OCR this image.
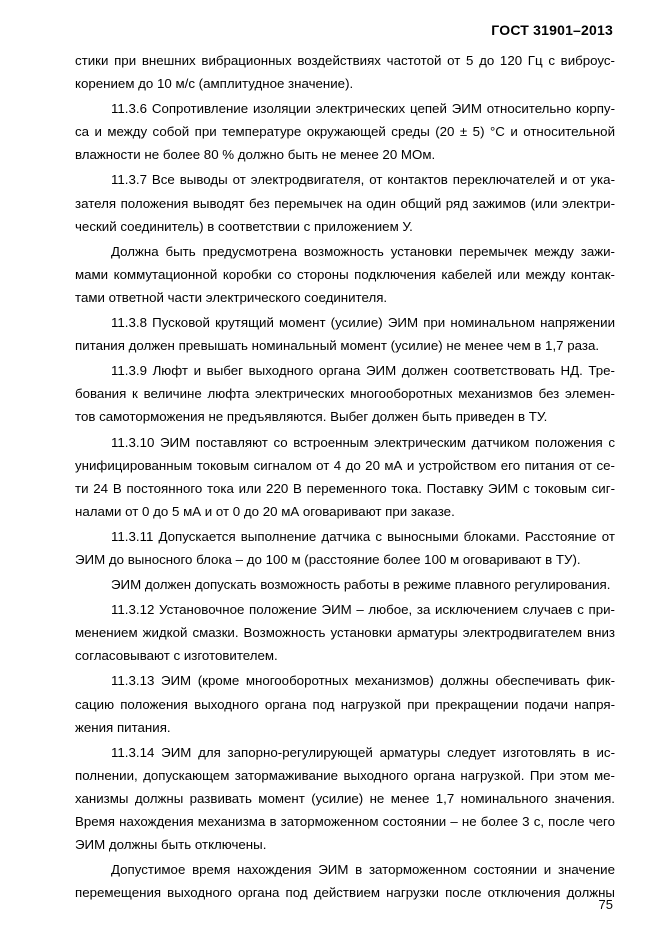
ГОСТ 31901–2013
стики при внешних вибрационных воздействиях частотой от 5 до 120 Гц с виброус-
корением до 10 м/с (амплитудное значение).
11.3.6 Сопротивление изоляции электрических цепей ЭИМ относительно корпу-
са и между собой при температуре окружающей среды (20 ± 5) °С и относительной
влажности не более 80 % должно быть не менее 20 МОм.
11.3.7 Все выводы от электродвигателя, от контактов переключателей и от ука-
зателя положения выводят без перемычек на один общий ряд зажимов (или электри-
ческий соединитель) в соответствии с приложением У.
Должна быть предусмотрена возможность установки перемычек между зажи-
мами коммутационной коробки со стороны подключения кабелей или между контак-
тами ответной части электрического соединителя.
11.3.8 Пусковой крутящий момент (усилие) ЭИМ при номинальном напряжении
питания должен превышать номинальный момент (усилие) не менее чем в 1,7 раза.
11.3.9 Люфт и выбег выходного органа ЭИМ должен соответствовать НД. Тре-
бования к величине люфта электрических многооборотных механизмов без элемен-
тов самоторможения не предъявляются. Выбег должен быть приведен в ТУ.
11.3.10 ЭИМ поставляют со встроенным электрическим датчиком положения с
унифицированным токовым сигналом от 4 до 20 мА и устройством его питания от се-
ти 24 В постоянного тока или 220 В переменного тока. Поставку ЭИМ с токовым сиг-
налами от 0 до 5 мА и от 0 до 20 мА оговаривают при заказе.
11.3.11 Допускается выполнение датчика с выносными блоками. Расстояние от
ЭИМ до выносного блока – до 100 м (расстояние более 100 м оговаривают в ТУ).
ЭИМ должен допускать возможность работы в режиме плавного регулирования.
11.3.12 Установочное положение ЭИМ – любое, за исключением случаев с при-
менением жидкой смазки. Возможность установки арматуры электродвигателем вниз
согласовывают с изготовителем.
11.3.13 ЭИМ (кроме многооборотных механизмов) должны обеспечивать фик-
сацию положения выходного органа под нагрузкой при прекращении подачи напря-
жения питания.
11.3.14 ЭИМ для запорно-регулирующей арматуры следует изготовлять в ис-
полнении, допускающем затормаживание выходного органа нагрузкой. При этом ме-
ханизмы должны развивать момент (усилие) не менее 1,7 номинального значения.
Время нахождения механизма в заторможенном состоянии – не более 3 с, после чего
ЭИМ должны быть отключены.
Допустимое время нахождения ЭИМ в заторможенном состоянии и значение
перемещения выходного органа под действием нагрузки после отключения должны
75
